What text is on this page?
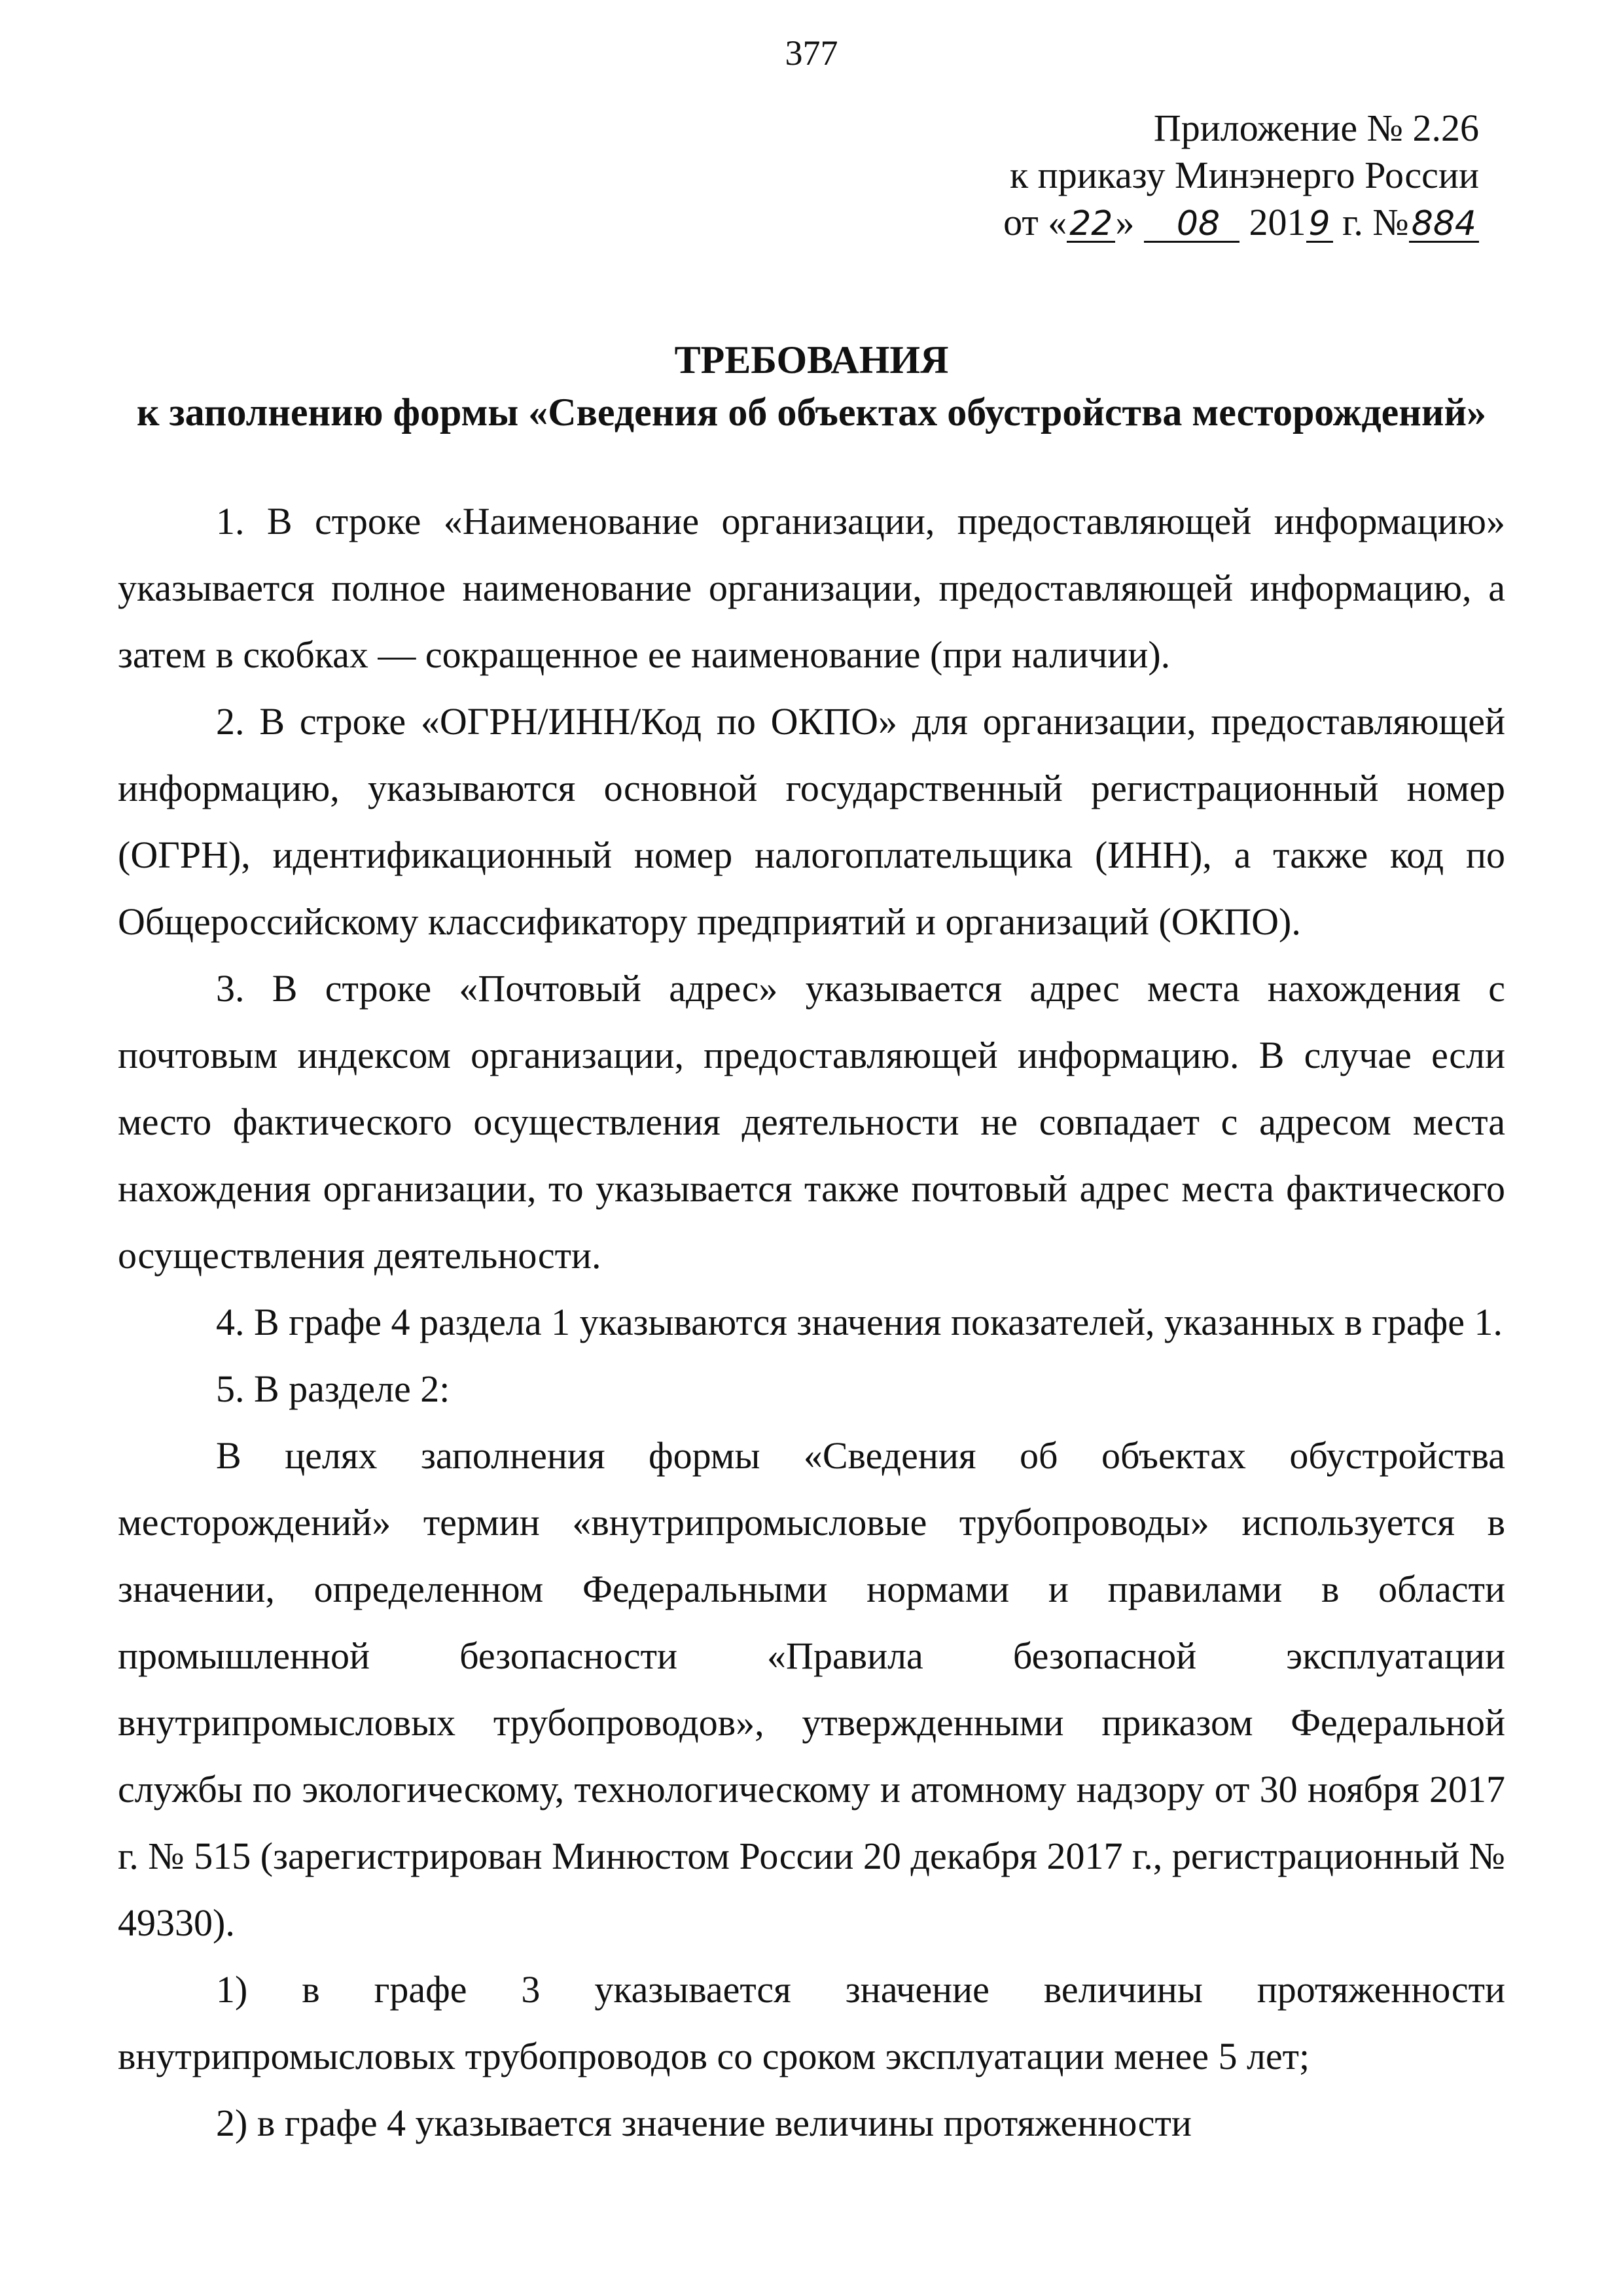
377
Приложение № 2.26
к приказу Минэнерго России
от «22» 08 2019 г. №884
ТРЕБОВАНИЯ
к заполнению формы «Сведения об объектах обустройства месторождений»

1. В строке «Наименование организации, предоставляющей информацию» указывается полное наименование организации, предоставляющей информацию, а затем в скобках — сокращенное ее наименование (при наличии).

2. В строке «ОГРН/ИНН/Код по ОКПО» для организации, предоставляющей информацию, указываются основной государственный регистрационный номер (ОГРН), идентификационный номер налогоплательщика (ИНН), а также код по Общероссийскому классификатору предприятий и организаций (ОКПО).

3. В строке «Почтовый адрес» указывается адрес места нахождения с почтовым индексом организации, предоставляющей информацию. В случае если место фактического осуществления деятельности не совпадает с адресом места нахождения организации, то указывается также почтовый адрес места фактического осуществления деятельности.

4. В графе 4 раздела 1 указываются значения показателей, указанных в графе 1.

5. В разделе 2:

В целях заполнения формы «Сведения об объектах обустройства месторождений» термин «внутрипромысловые трубопроводы» используется в значении, определенном Федеральными нормами и правилами в области промышленной безопасности «Правила безопасной эксплуатации внутрипромысловых трубопроводов», утвержденными приказом Федеральной службы по экологическому, технологическому и атомному надзору от 30 ноября 2017 г. № 515 (зарегистрирован Минюстом России 20 декабря 2017 г., регистрационный № 49330).

1) в графе 3 указывается значение величины протяженности внутрипромысловых трубопроводов со сроком эксплуатации менее 5 лет;

2) в графе 4 указывается значение величины протяженности
